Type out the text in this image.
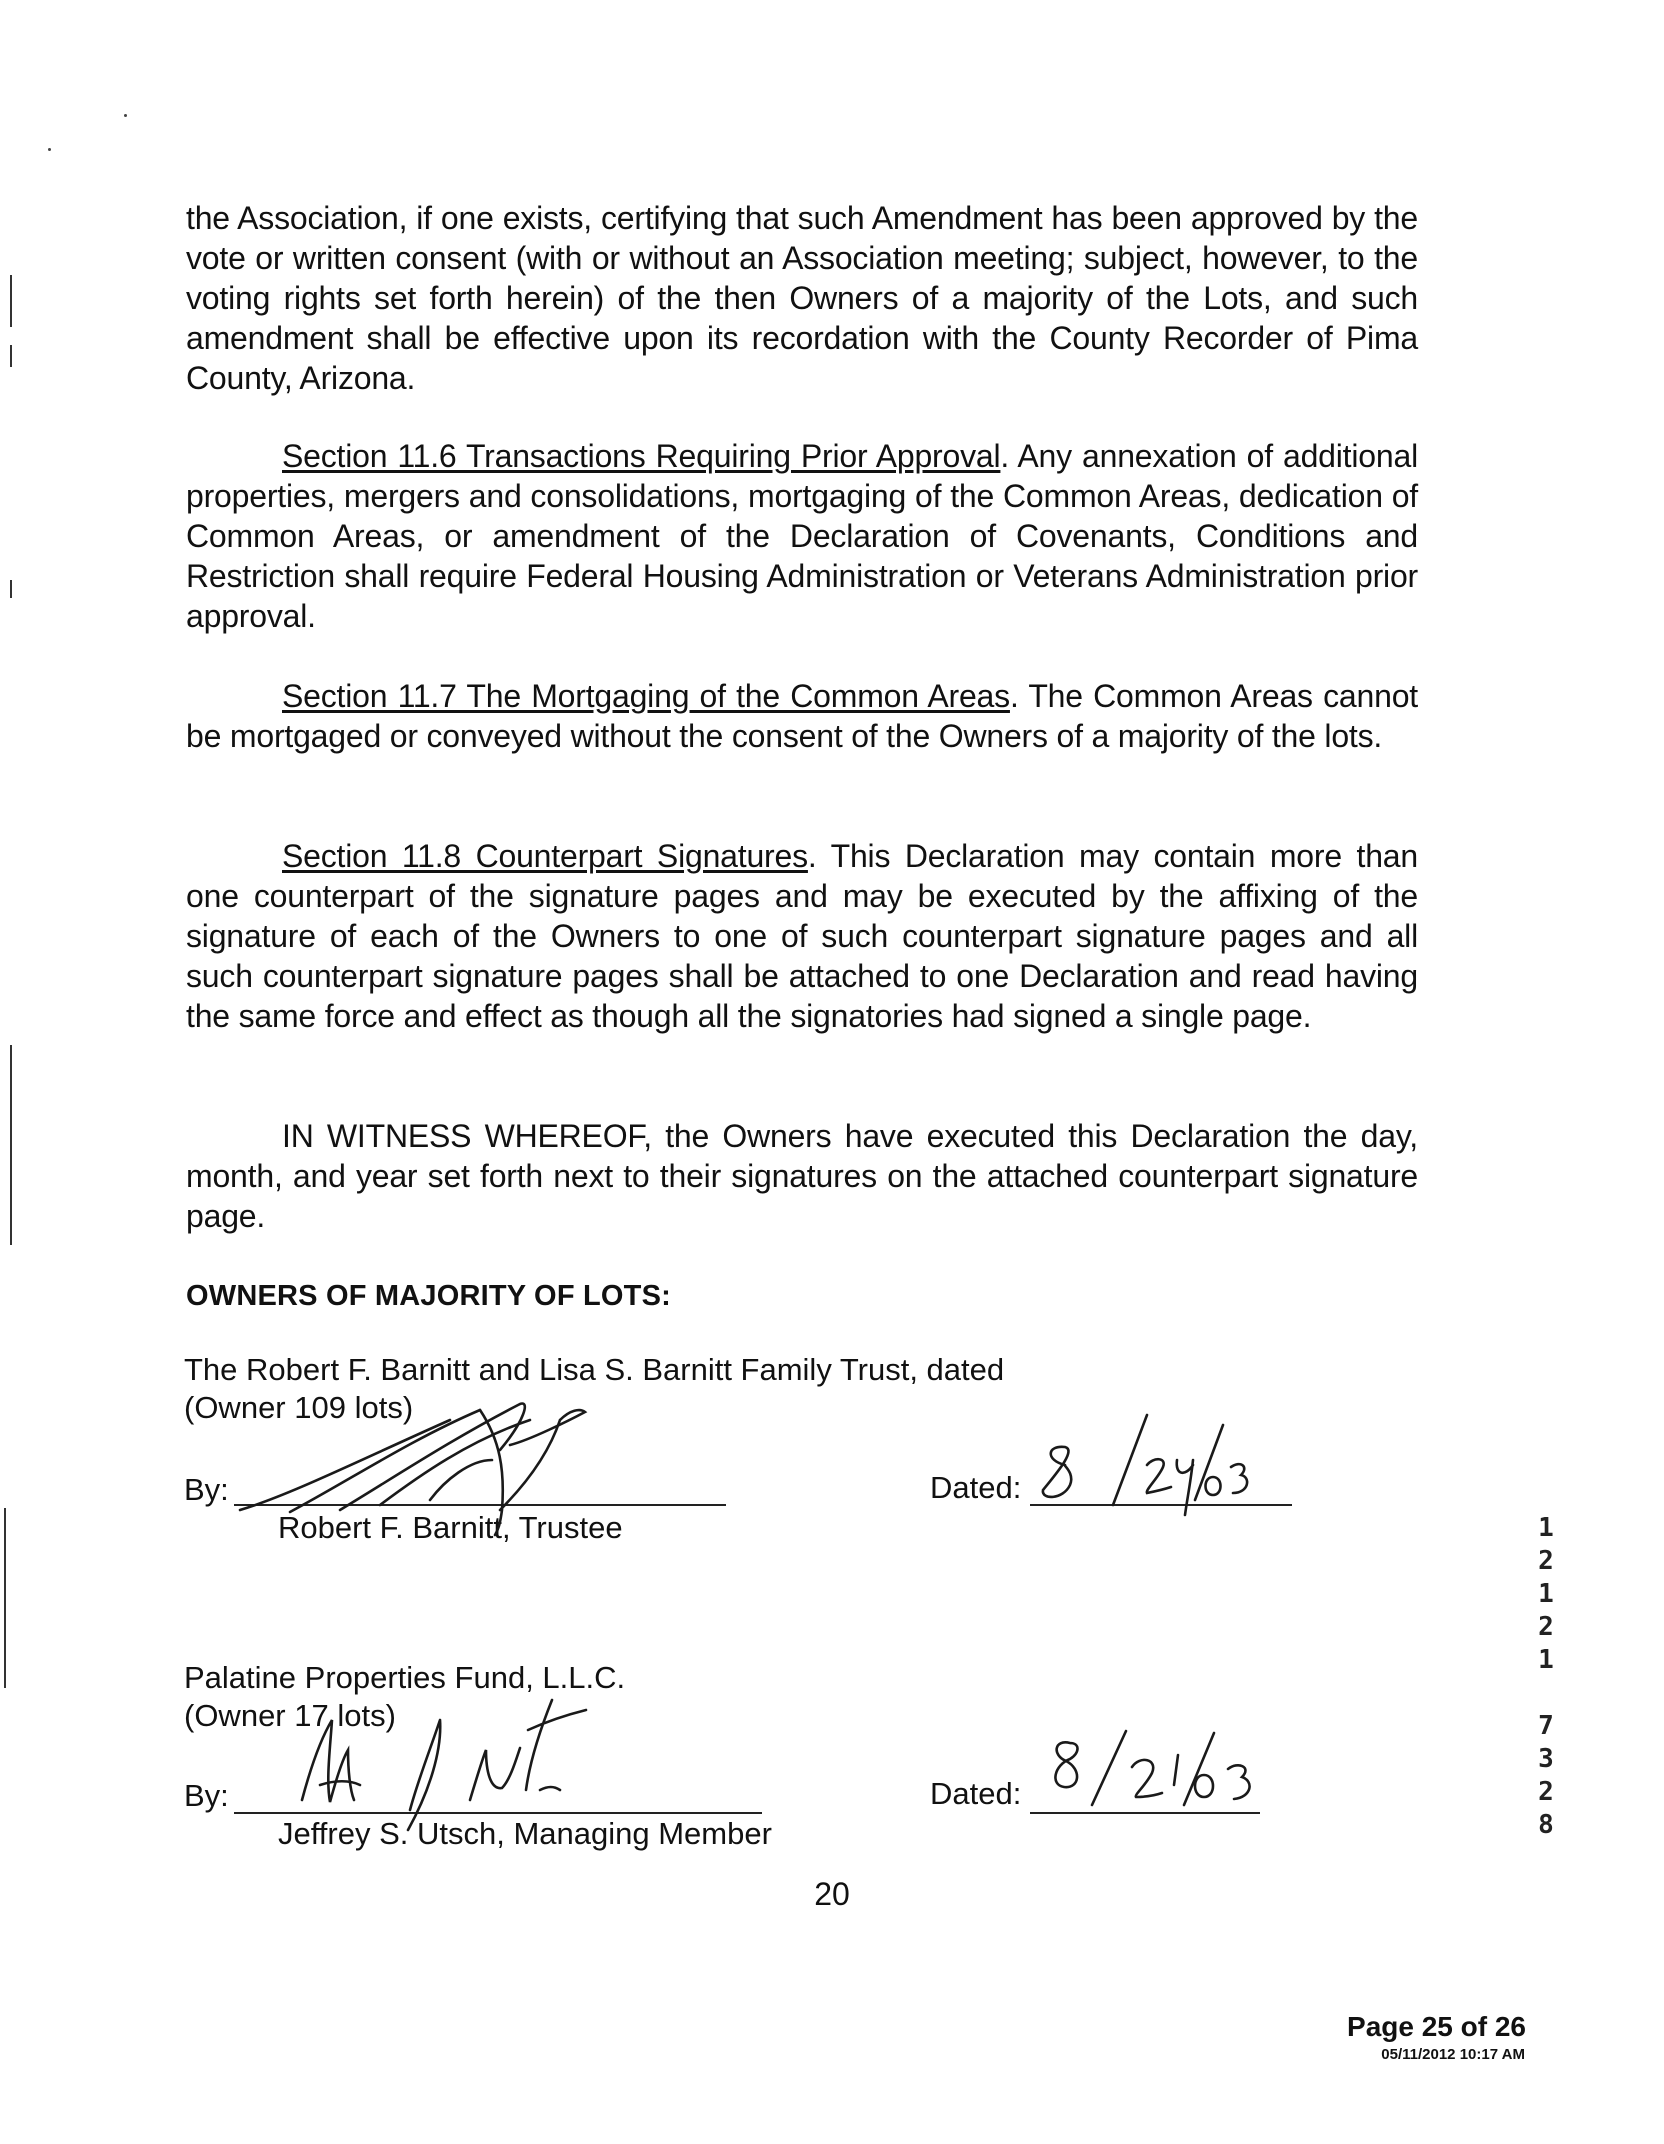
the Association, if one exists, certifying that such Amendment has been approved by the vote or written consent (with or without an Association meeting; subject, however, to the voting rights set forth herein) of the then Owners of a majority of the Lots, and such amendment shall be effective upon its recordation with the County Recorder of Pima County, Arizona.

Section 11.6 Transactions Requiring Prior Approval. Any annexation of additional properties, mergers and consolidations, mortgaging of the Common Areas, dedication of Common Areas, or amendment of the Declaration of Covenants, Conditions and Restriction shall require Federal Housing Administration or Veterans Administration prior approval.

Section 11.7 The Mortgaging of the Common Areas. The Common Areas cannot be mortgaged or conveyed without the consent of the Owners of a majority of the lots.

Section 11.8 Counterpart Signatures. This Declaration may contain more than one counterpart of the signature pages and may be executed by the affixing of the signature of each of the Owners to one of such counterpart signature pages and all such counterpart signature pages shall be attached to one Declaration and read having the same force and effect as though all the signatories had signed a single page.

IN WITNESS WHEREOF, the Owners have executed this Declaration the day, month, and year set forth next to their signatures on the attached counterpart signature page.

OWNERS OF MAJORITY OF LOTS:
The Robert F. Barnitt and Lisa S. Barnitt Family Trust, dated
(Owner 109 lots)
By:
Robert F. Barnitt, Trustee
Dated:
Palatine Properties Fund, L.L.C.
(Owner 17 lots)
By:
Jeffrey S. Utsch, Managing Member
Dated:
20
1
2
1
2
1
7
3
2
8
Page 25 of 26
05/11/2012 10:17 AM
